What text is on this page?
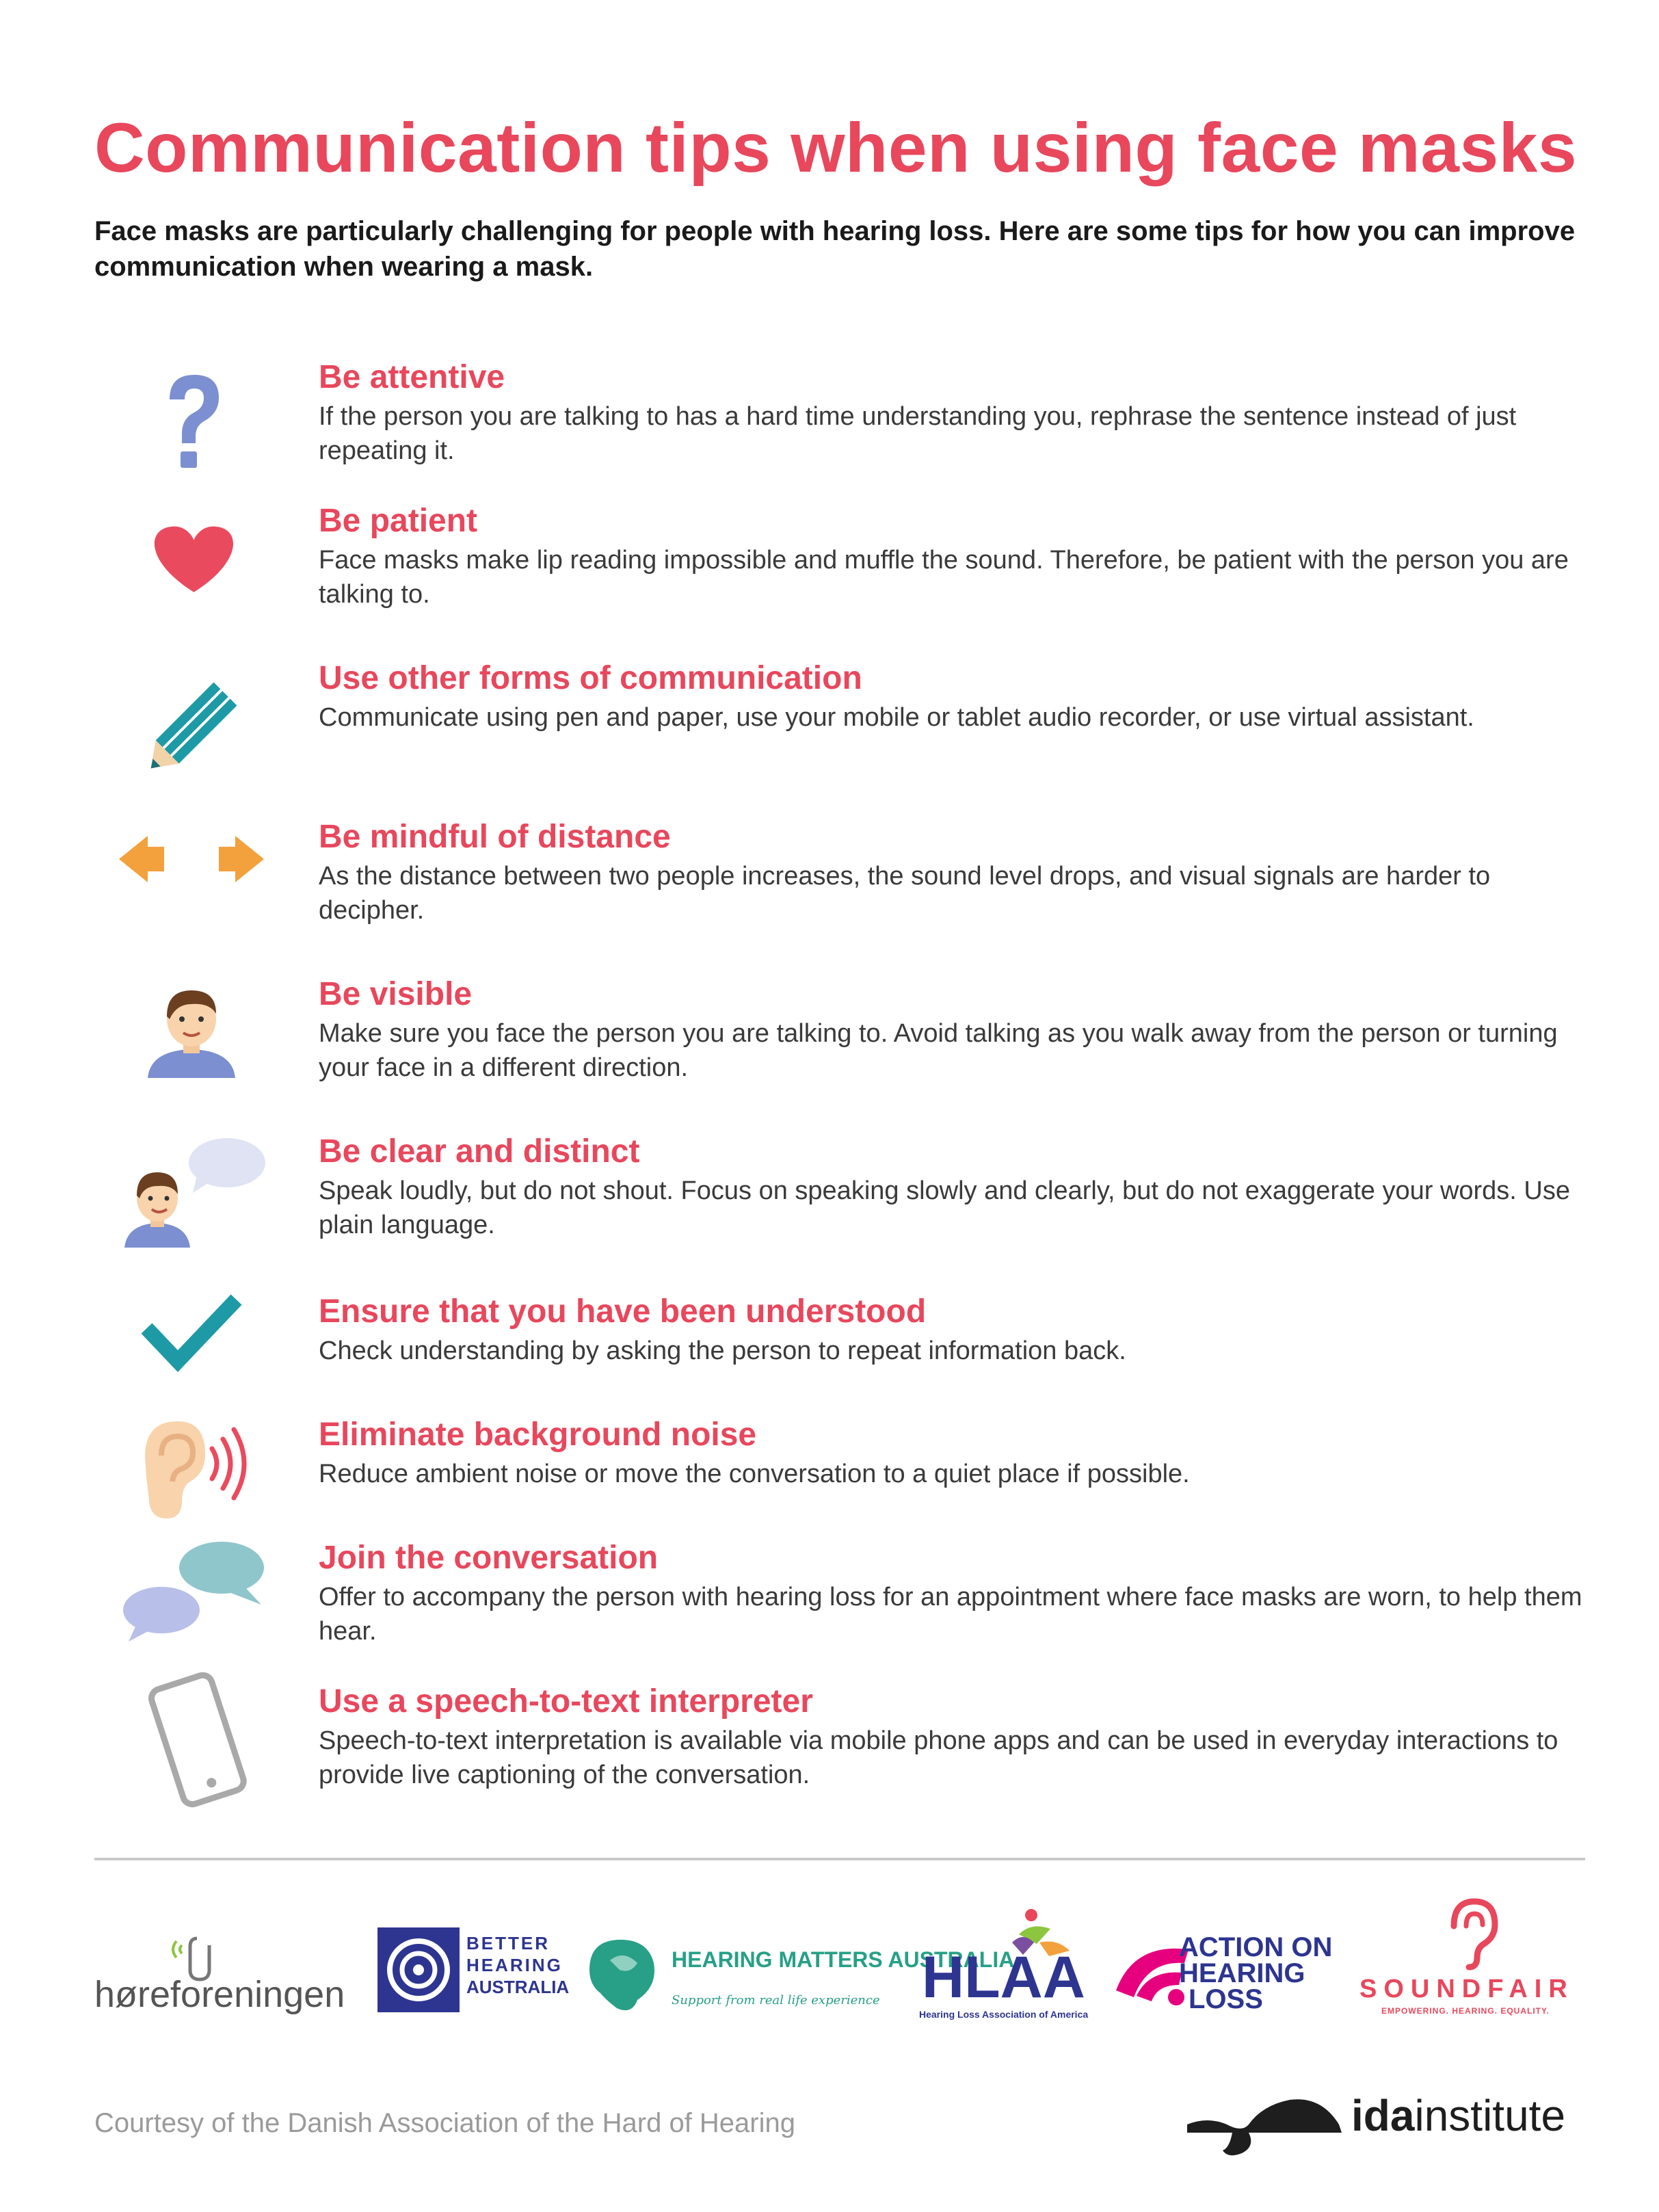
Communication tips when using face masks
Face masks are particularly challenging for people with hearing loss. Here are some tips for how you can improve communication when wearing a mask.
Be attentive
If the person you are talking to has a hard time understanding you, rephrase the sentence instead of just repeating it.
Be patient
Face masks make lip reading impossible and muffle the sound. Therefore, be patient with the person you are talking to.
Use other forms of communication
Communicate using pen and paper, use your mobile or tablet audio recorder, or use virtual assistant.
Be mindful of distance
As the distance between two people increases, the sound level drops, and visual signals are harder to decipher.
Be visible
Make sure you face the person you are talking to. Avoid talking as you walk away from the person or turning your face in a different direction.
Be clear and distinct
Speak loudly, but do not shout. Focus on speaking slowly and clearly, but do not exaggerate your words. Use plain language.
Ensure that you have been understood
Check understanding by asking the person to repeat information back.
Eliminate background noise
Reduce ambient noise or move the conversation to a quiet place if possible.
Join the conversation
Offer to accompany the person with hearing loss for an appointment where face masks are worn, to help them hear.
Use a speech-to-text interpreter
Speech-to-text interpretation is available via mobile phone apps and can be used in everyday interactions to provide live captioning of the conversation.
høreforeningen
BETTER
HEARING
AUSTRALIA
HEARING MATTERS AUSTRALIA
Support from real life experience HLAA
Hearing Loss Association of America
ACTION ON
HEARING
LOSS	SOUNDFAIR
EMPOWERING. HEARING. EQUALITY.
Courtesy of the Danish Association of the Hard of Hearing	idainstitute
